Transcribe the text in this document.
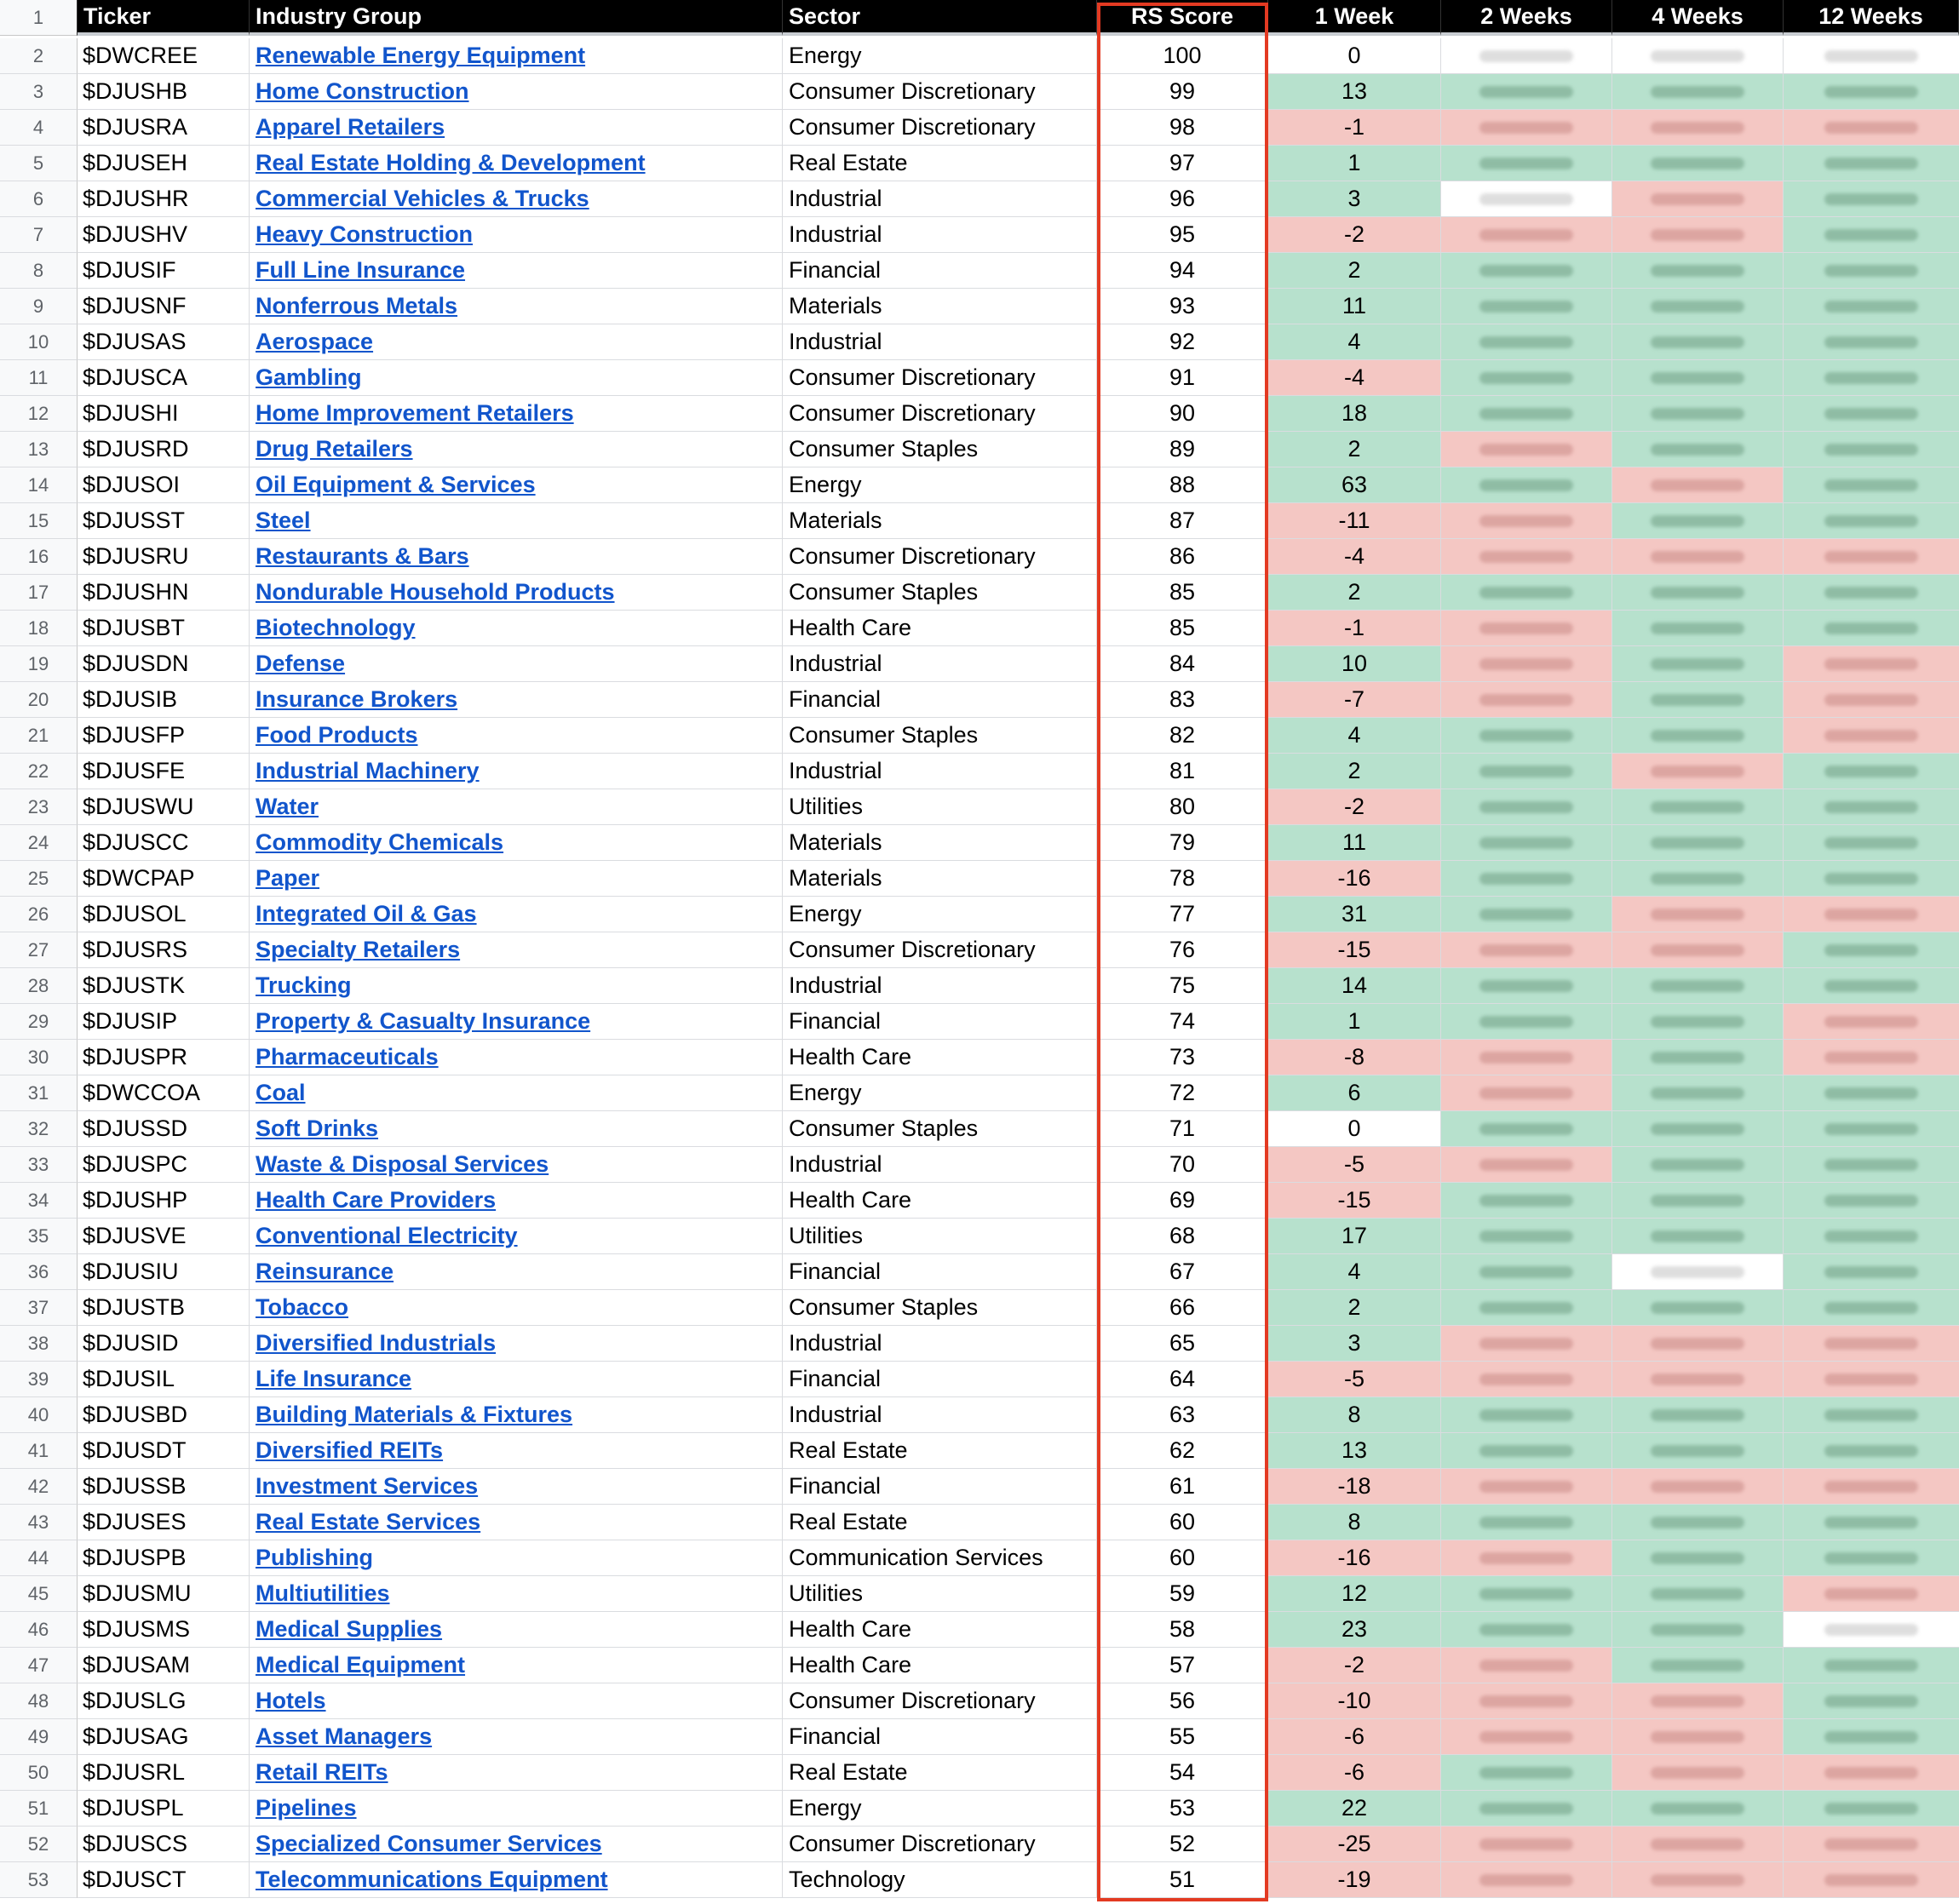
1	Ticker	Industry Group	Sector	RS Score	1 Week	2 Weeks	4 Weeks	12 Weeks
2	$DWCREE	Renewable Energy Equipment	Energy	100	0
3	$DJUSHB	Home Construction	Consumer Discretionary	99	13
4	$DJUSRA	Apparel Retailers	Consumer Discretionary	98	-1
5	$DJUSEH	Real Estate Holding & Development	Real Estate	97	1
6	$DJUSHR	Commercial Vehicles & Trucks	Industrial	96	3
7	$DJUSHV	Heavy Construction	Industrial	95	-2
8	$DJUSIF	Full Line Insurance	Financial	94	2
9	$DJUSNF	Nonferrous Metals	Materials	93	11
10	$DJUSAS	Aerospace	Industrial	92	4
11	$DJUSCA	Gambling	Consumer Discretionary	91	-4
12	$DJUSHI	Home Improvement Retailers	Consumer Discretionary	90	18
13	$DJUSRD	Drug Retailers	Consumer Staples	89	2
14	$DJUSOI	Oil Equipment & Services	Energy	88	63
15	$DJUSST	Steel	Materials	87	-11
16	$DJUSRU	Restaurants & Bars	Consumer Discretionary	86	-4
17	$DJUSHN	Nondurable Household Products	Consumer Staples	85	2
18	$DJUSBT	Biotechnology	Health Care	85	-1
19	$DJUSDN	Defense	Industrial	84	10
20	$DJUSIB	Insurance Brokers	Financial	83	-7
21	$DJUSFP	Food Products	Consumer Staples	82	4
22	$DJUSFE	Industrial Machinery	Industrial	81	2
23	$DJUSWU	Water	Utilities	80	-2
24	$DJUSCC	Commodity Chemicals	Materials	79	11
25	$DWCPAP	Paper	Materials	78	-16
26	$DJUSOL	Integrated Oil & Gas	Energy	77	31
27	$DJUSRS	Specialty Retailers	Consumer Discretionary	76	-15
28	$DJUSTK	Trucking	Industrial	75	14
29	$DJUSIP	Property & Casualty Insurance	Financial	74	1
30	$DJUSPR	Pharmaceuticals	Health Care	73	-8
31	$DWCCOA	Coal	Energy	72	6
32	$DJUSSD	Soft Drinks	Consumer Staples	71	0
33	$DJUSPC	Waste & Disposal Services	Industrial	70	-5
34	$DJUSHP	Health Care Providers	Health Care	69	-15
35	$DJUSVE	Conventional Electricity	Utilities	68	17
36	$DJUSIU	Reinsurance	Financial	67	4
37	$DJUSTB	Tobacco	Consumer Staples	66	2
38	$DJUSID	Diversified Industrials	Industrial	65	3
39	$DJUSIL	Life Insurance	Financial	64	-5
40	$DJUSBD	Building Materials & Fixtures	Industrial	63	8
41	$DJUSDT	Diversified REITs	Real Estate	62	13
42	$DJUSSB	Investment Services	Financial	61	-18
43	$DJUSES	Real Estate Services	Real Estate	60	8
44	$DJUSPB	Publishing	Communication Services	60	-16
45	$DJUSMU	Multiutilities	Utilities	59	12
46	$DJUSMS	Medical Supplies	Health Care	58	23
47	$DJUSAM	Medical Equipment	Health Care	57	-2
48	$DJUSLG	Hotels	Consumer Discretionary	56	-10
49	$DJUSAG	Asset Managers	Financial	55	-6
50	$DJUSRL	Retail REITs	Real Estate	54	-6
51	$DJUSPL	Pipelines	Energy	53	22
52	$DJUSCS	Specialized Consumer Services	Consumer Discretionary	52	-25
53	$DJUSCT	Telecommunications Equipment	Technology	51	-19
